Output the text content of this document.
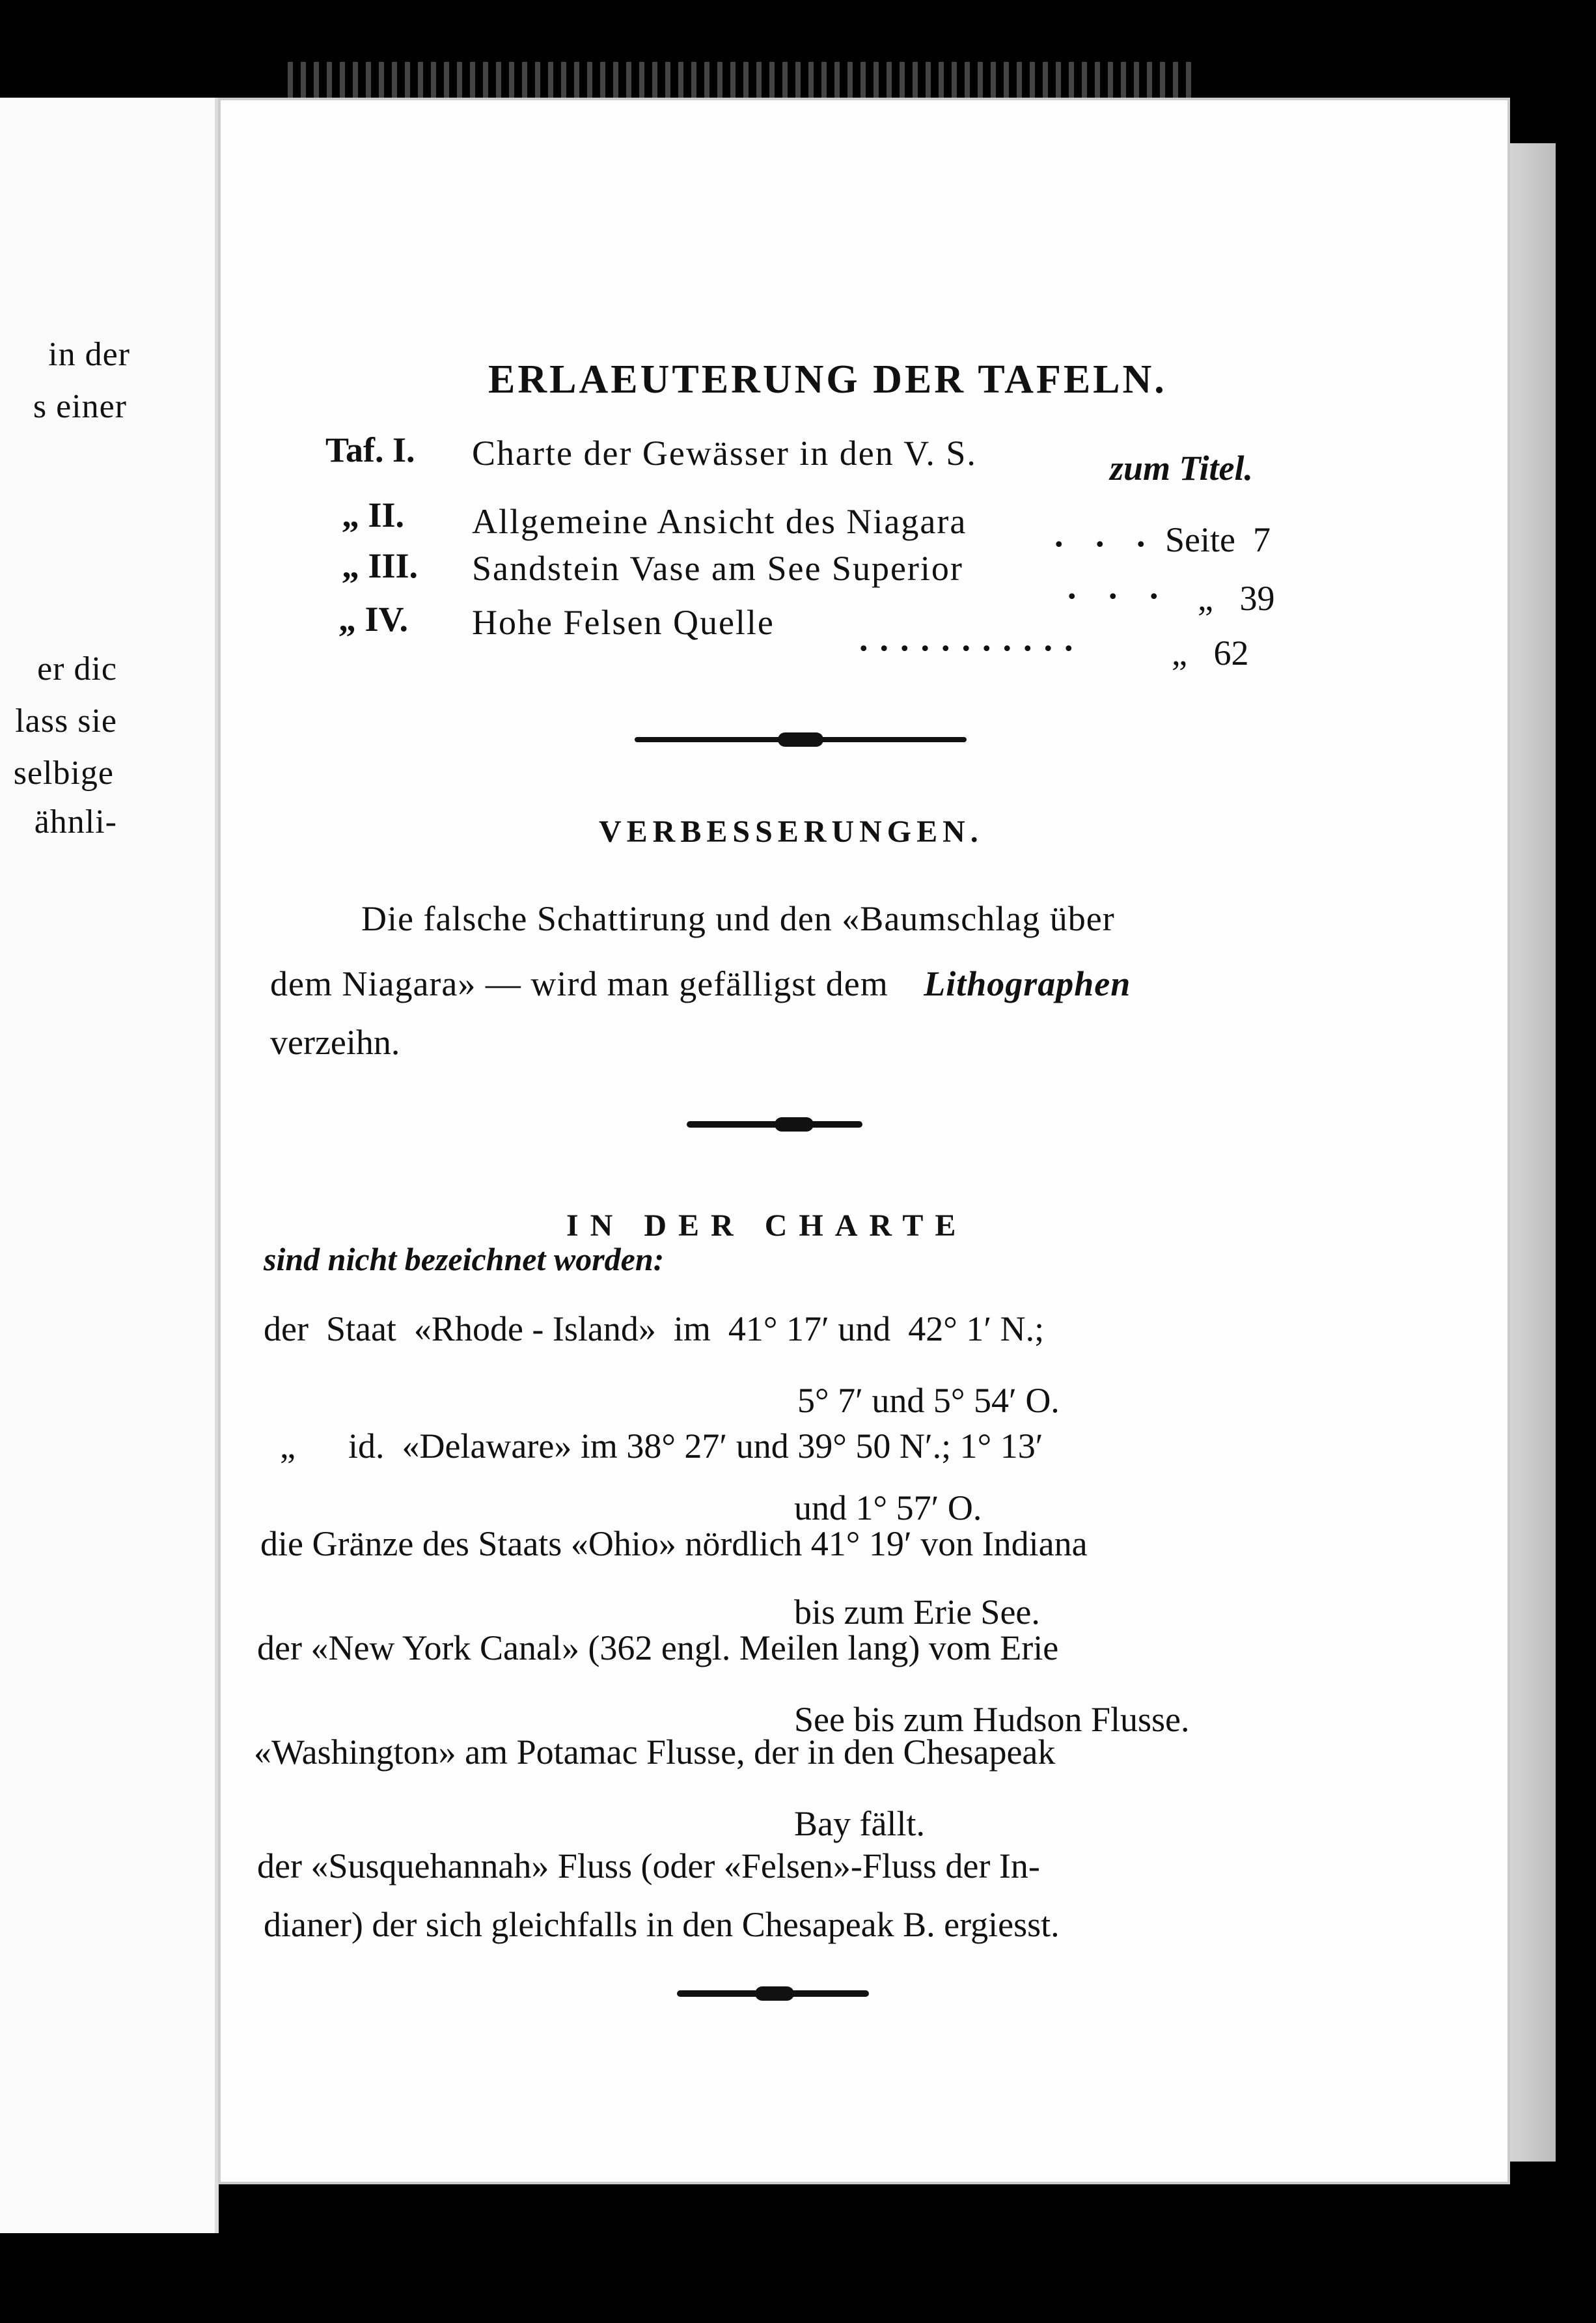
in der
s einer
er dic
lass sie
selbige
ähnli-
ERLAEUTERUNG DER TAFELN.
Taf. I. Charte der Gewässer in den V. S.	zum Titel.
„ II. Allgemeine Ansicht des Niagara . . . Seite  7
„ III. Sandstein Vase am See Superior	. . . „   39
„ IV. Hohe Felsen Quelle ........... „   62
VERBESSERUNGEN.
Die falsche Schattirung und den «Baumschlag über
dem Niagara» — wird man gefälligst dem Lithographen
verzeihn.
IN DER CHARTE
sind nicht bezeichnet worden:
der  Staat  «Rhode - Island»  im  41° 17′ und  42° 1′ N.;
5° 7′ und 5° 54′ O.
„      id.  «Delaware» im 38° 27′ und 39° 50 N′.; 1° 13′
und 1° 57′ O.
die Gränze des Staats «Ohio» nördlich 41° 19′ von Indiana
bis zum Erie See.
der «New York Canal» (362 engl. Meilen lang) vom Erie
See bis zum Hudson Flusse.
«Washington» am Potamac Flusse, der in den Chesapeak
Bay fällt.
der «Susquehannah» Fluss (oder «Felsen»-Fluss der In-
dianer) der sich gleichfalls in den Chesapeak B. ergiesst.
